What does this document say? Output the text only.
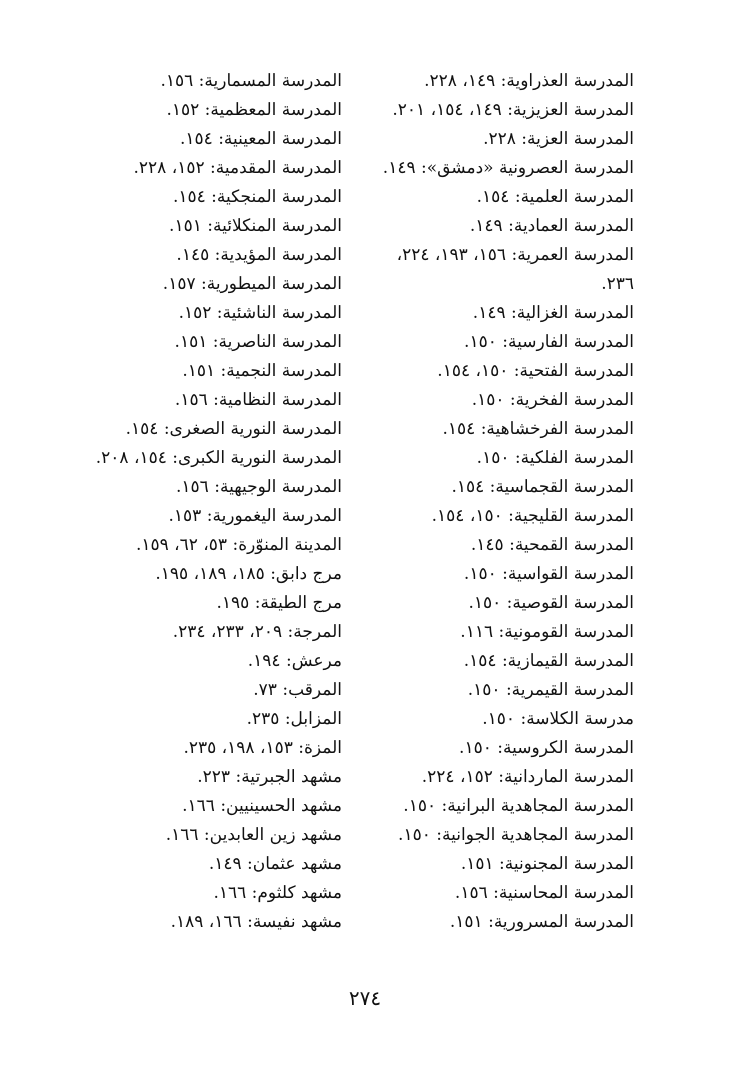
المدرسة العذراوية: ١٤٩، ٢٢٨.
المدرسة العزيزية: ١٤٩، ١٥٤، ٢٠١.
المدرسة العزية: ٢٢٨.
المدرسة العصرونية «دمشق»: ١٤٩.
المدرسة العلمية: ١٥٤.
المدرسة العمادية: ١٤٩.
المدرسة العمرية: ١٥٦، ١٩٣، ٢٢٤،
٢٣٦.
المدرسة الغزالية: ١٤٩.
المدرسة الفارسية: ١٥٠.
المدرسة الفتحية: ١٥٠، ١٥٤.
المدرسة الفخرية: ١٥٠.
المدرسة الفرخشاهية: ١٥٤.
المدرسة الفلكية: ١٥٠.
المدرسة القجماسية: ١٥٤.
المدرسة القليجية: ١٥٠، ١٥٤.
المدرسة القمحية: ١٤٥.
المدرسة القواسية: ١٥٠.
المدرسة القوصية: ١٥٠.
المدرسة القومونية: ١١٦.
المدرسة القيمازية: ١٥٤.
المدرسة القيمرية: ١٥٠.
مدرسة الكلاسة: ١٥٠.
المدرسة الكروسية: ١٥٠.
المدرسة الماردانية: ١٥٢، ٢٢٤.
المدرسة المجاهدية البرانية: ١٥٠.
المدرسة المجاهدية الجوانية: ١٥٠.
المدرسة المجنونية: ١٥١.
المدرسة المحاسنية: ١٥٦.
المدرسة المسرورية: ١٥١.
المدرسة المسمارية: ١٥٦.
المدرسة المعظمية: ١٥٢.
المدرسة المعينية: ١٥٤.
المدرسة المقدمية: ١٥٢، ٢٢٨.
المدرسة المنجكية: ١٥٤.
المدرسة المنكلائية: ١٥١.
المدرسة المؤيدية: ١٤٥.
المدرسة الميطورية: ١٥٧.
المدرسة الناشئية: ١٥٢.
المدرسة الناصرية: ١٥١.
المدرسة النجمية: ١٥١.
المدرسة النظامية: ١٥٦.
المدرسة النورية الصغرى: ١٥٤.
المدرسة النورية الكبرى: ١٥٤، ٢٠٨.
المدرسة الوجيهية: ١٥٦.
المدرسة اليغمورية: ١٥٣.
المدينة المنوّرة: ٥٣، ٦٢، ١٥٩.
مرج دابق: ١٨٥، ١٨٩، ١٩٥.
مرج الطيقة: ١٩٥.
المرجة: ٢٠٩، ٢٣٣، ٢٣٤.
مرعش: ١٩٤.
المرقب: ٧٣.
المزابل: ٢٣٥.
المزة: ١٥٣، ١٩٨، ٢٣٥.
مشهد الجبرتية: ٢٢٣.
مشهد الحسينيين: ١٦٦.
مشهد زين العابدين: ١٦٦.
مشهد عثمان: ١٤٩.
مشهد كلثوم: ١٦٦.
مشهد نفيسة: ١٦٦، ١٨٩.
٢٧٤
